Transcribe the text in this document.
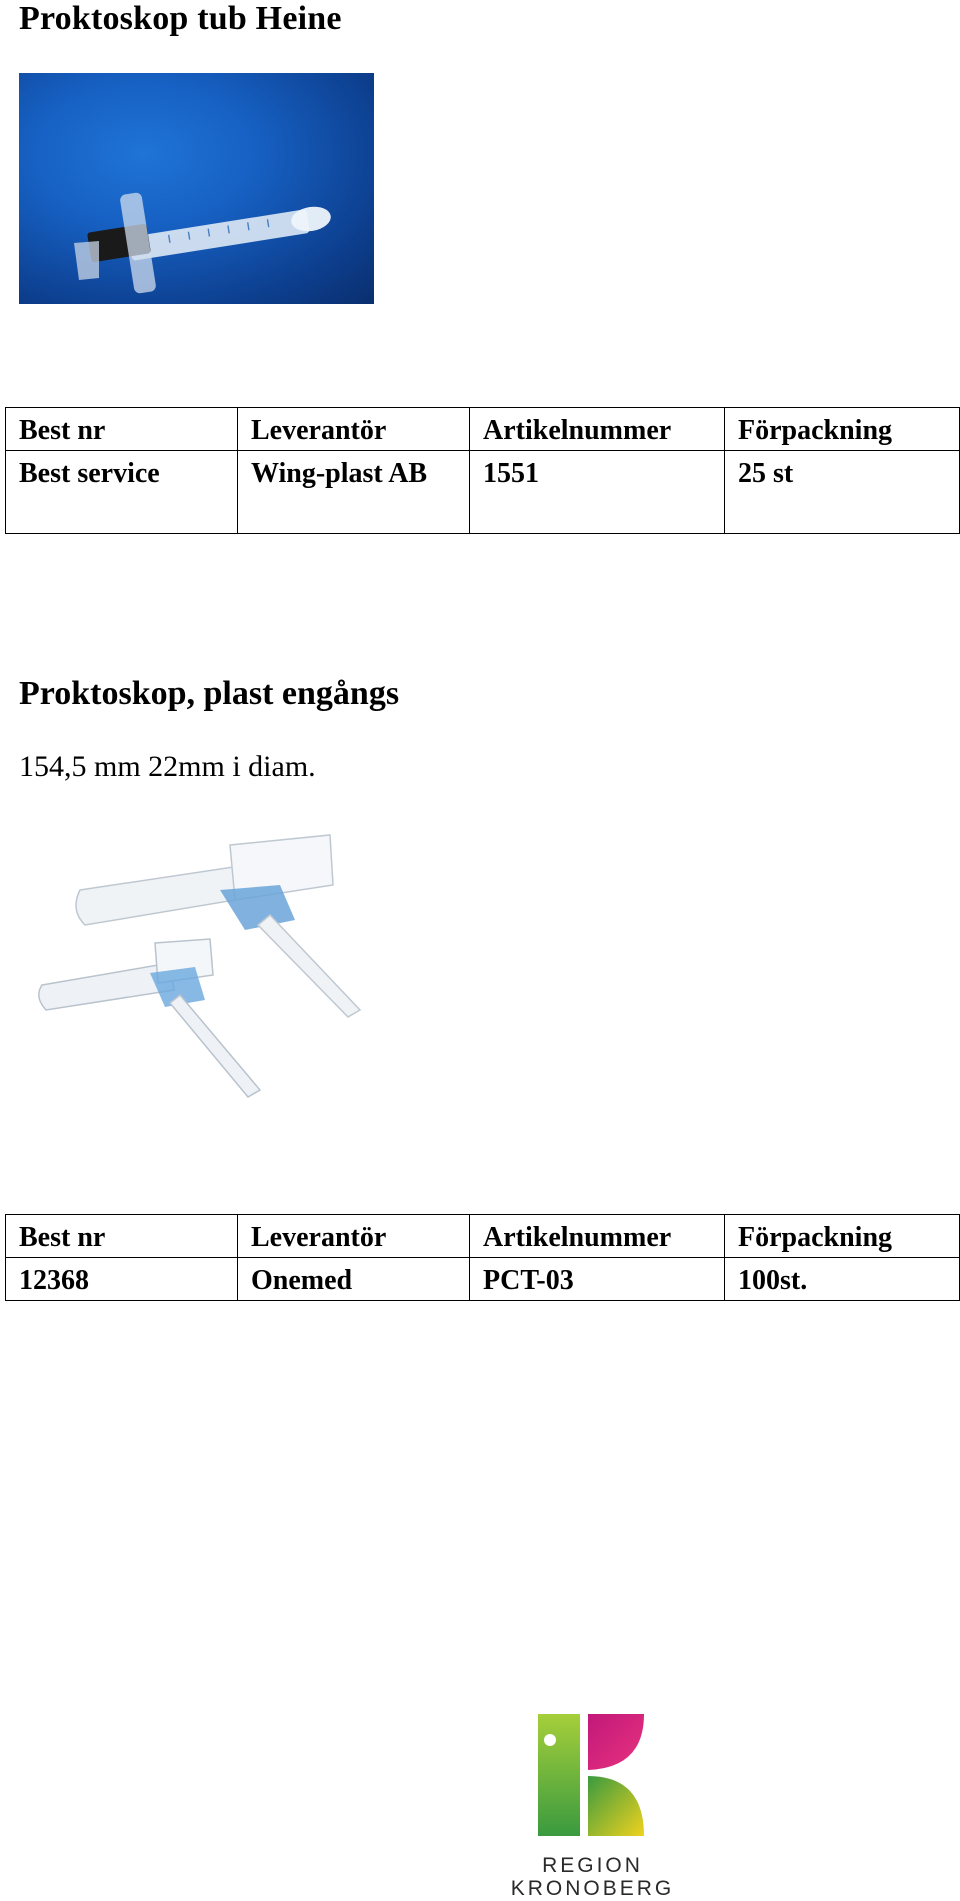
Proktoskop tub Heine
Best nr	Leverantör	Artikelnummer	Förpackning
Best service	Wing-plast AB	1551	25 st
Proktoskop, plast engångs

154,5 mm 22mm i diam.

Best nr	Leverantör	Artikelnummer	Förpackning
12368	Onemed	PCT-03	100st.
REGION
KRONOBERG
